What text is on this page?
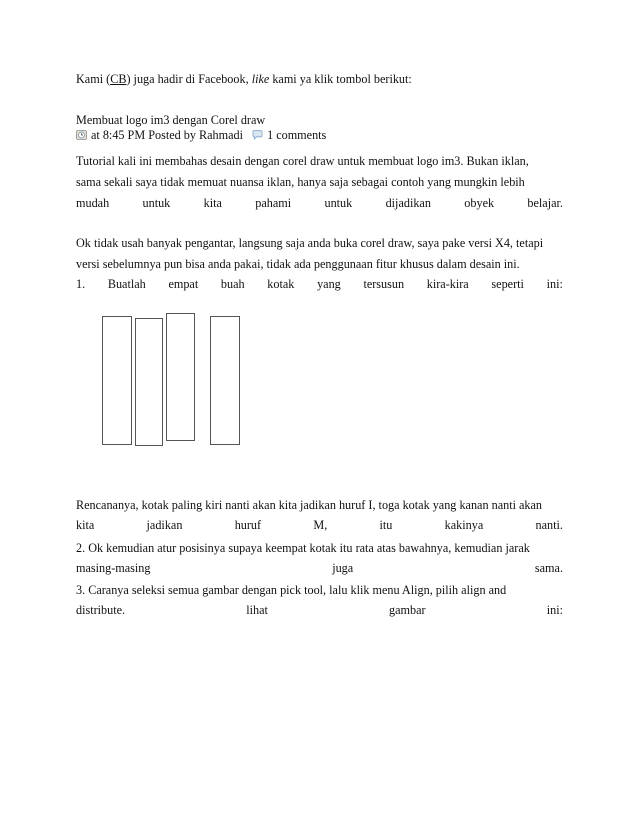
Kami (CB) juga hadir di Facebook, like kami ya klik tombol berikut:
Membuat logo im3 dengan Corel draw
at 8:45 PM Posted by Rahmadi 1 comments
Tutorial kali ini membahas desain dengan corel draw untuk membuat logo im3. Bukan iklan,
sama sekali saya tidak memuat nuansa iklan, hanya saja sebagai contoh yang mungkin lebih
mudah	untuk	kita	pahami	untuk	dijadikan	obyek	belajar.
Ok tidak usah banyak pengantar, langsung saja anda buka corel draw, saya pake versi X4, tetapi
versi sebelumnya pun bisa anda pakai, tidak ada penggunaan fitur khusus dalam desain ini.
1. Buatlah empat buah kotak yang tersusun kira-kira seperti ini:
Rencananya, kotak paling kiri nanti akan kita jadikan huruf I, toga kotak yang kanan nanti akan
kita	jadikan	huruf	M,	itu	kakinya	nanti.
2. Ok kemudian atur posisinya supaya keempat kotak itu rata atas bawahnya, kemudian jarak
masing-masing	juga	sama.
3. Caranya seleksi semua gambar dengan pick tool, lalu klik menu Align, pilih align and
distribute.	lihat	gambar	ini:
